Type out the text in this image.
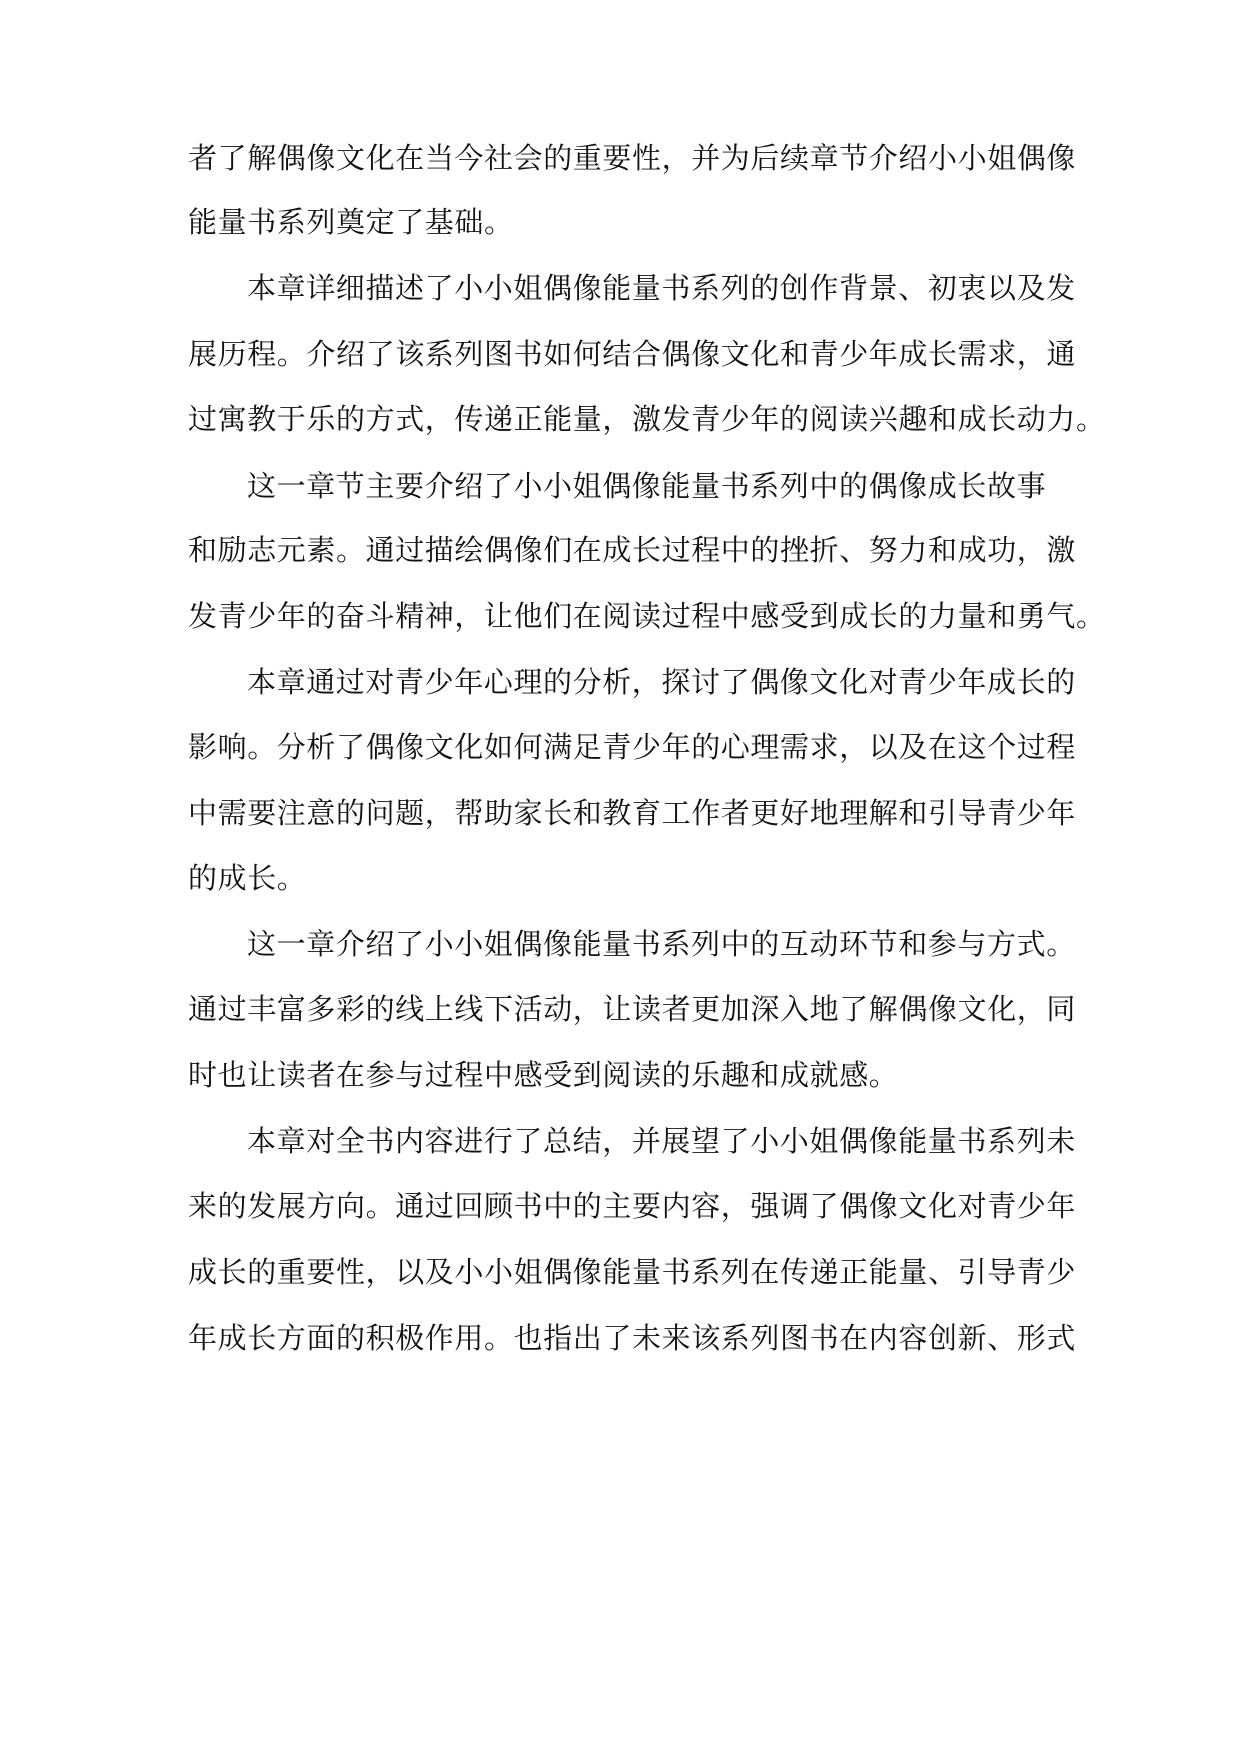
者了解偶像文化在当今社会的重要性，并为后续章节介绍小小姐偶像
能量书系列奠定了基础。
本章详细描述了小小姐偶像能量书系列的创作背景、初衷以及发
展历程。介绍了该系列图书如何结合偶像文化和青少年成长需求，通
过寓教于乐的方式，传递正能量，激发青少年的阅读兴趣和成长动力。
这一章节主要介绍了小小姐偶像能量书系列中的偶像成长故事
和励志元素。通过描绘偶像们在成长过程中的挫折、努力和成功，激
发青少年的奋斗精神，让他们在阅读过程中感受到成长的力量和勇气。
本章通过对青少年心理的分析，探讨了偶像文化对青少年成长的
影响。分析了偶像文化如何满足青少年的心理需求，以及在这个过程
中需要注意的问题，帮助家长和教育工作者更好地理解和引导青少年
的成长。
这一章介绍了小小姐偶像能量书系列中的互动环节和参与方式。
通过丰富多彩的线上线下活动，让读者更加深入地了解偶像文化，同
时也让读者在参与过程中感受到阅读的乐趣和成就感。
本章对全书内容进行了总结，并展望了小小姐偶像能量书系列未
来的发展方向。通过回顾书中的主要内容，强调了偶像文化对青少年
成长的重要性，以及小小姐偶像能量书系列在传递正能量、引导青少
年成长方面的积极作用。也指出了未来该系列图书在内容创新、形式
